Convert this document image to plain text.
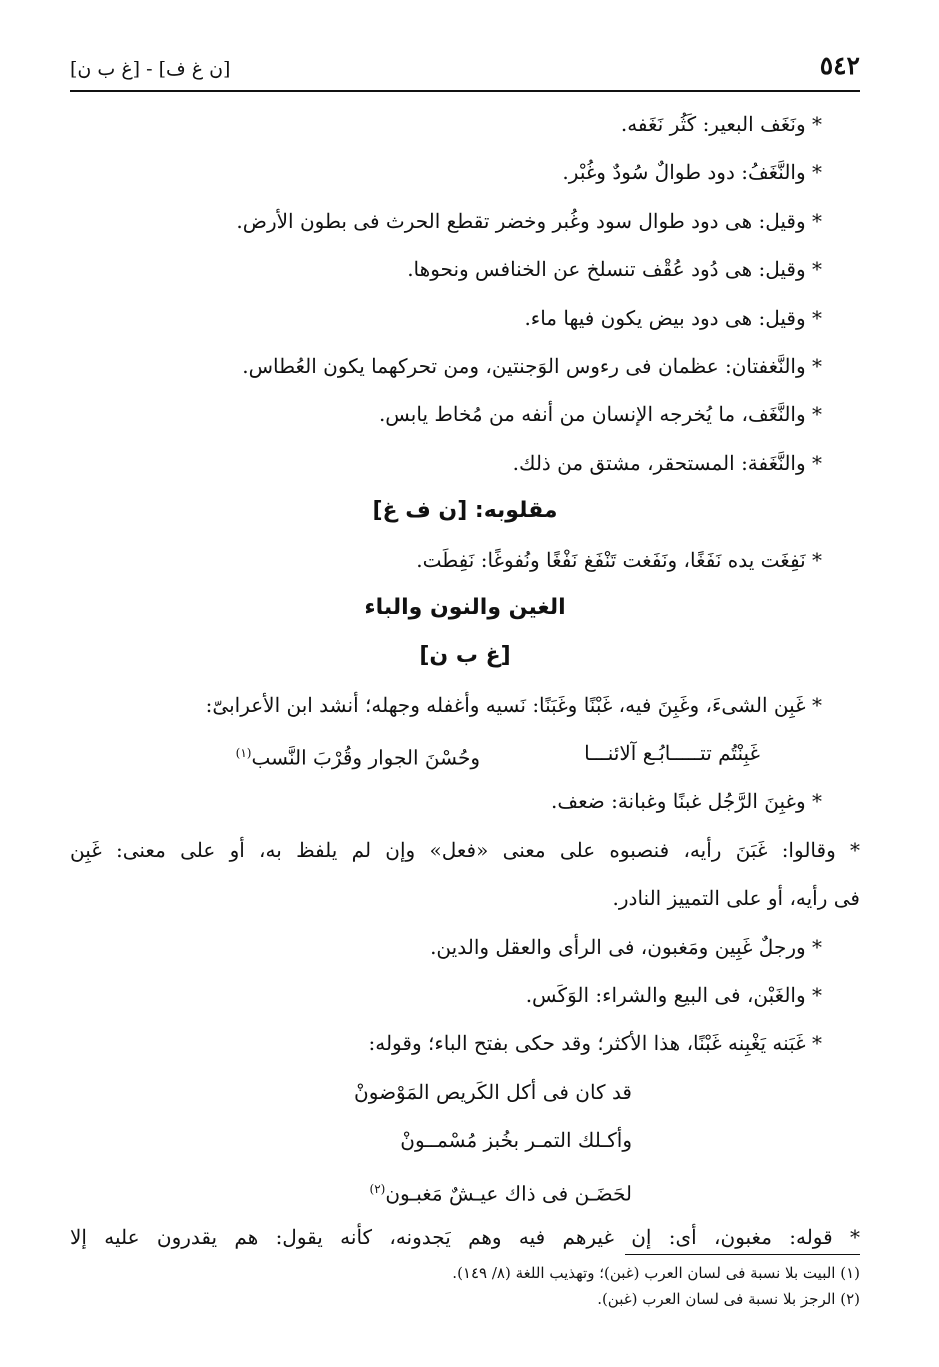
٥٤٢
[ن غ ف] - [غ ب ن]
* ونَغَف البعير: كَثُر نَغَفه.
* والنَّغَفُ: دود طوالٌ سُودٌ وغُبْر.
* وقيل: هى دود طوال سود وغُبر وخضر تقطع الحرث فى بطون الأرض.
* وقيل: هى دُود عُقْف تنسلخ عن الخنافس ونحوها.
* وقيل: هى دود بيض يكون فيها ماء.
* والنَّغفتان: عظمان فى رءوس الوَجنتين، ومن تحركهما يكون العُطاس.
* والنَّغَف، ما يُخرجه الإنسان من أنفه من مُخاط يابس.
* والنَّغَفة: المستحقر، مشتق من ذلك.
مقلوبه: [ن ف غ]
* نَفِغَت يده نَفَغًا، ونَفَغت تَنْفَغ نَفْغًا ونُفوغًا: نَفِطَت.
الغين والنون والباء
[غ ب ن]
* غَبِن الشىءَ، وغَبِنَ فيه، غَبْنًا وغَبَنًا: نَسيه وأغفله وجهله؛ أنشد ابن الأعرابىّ:
غَبِنْتُم تتـــــابُـع آلائنـــا
وحُسْنَ الجوار وقُرْبَ النَّسب$^{(١)}$
* وغبِنَ الرَّجُل غبنًا وغبانة: ضعف.
* وقالوا: غَبَنَ رأيه، فنصبوه على معنى «فعل» وإن لم يلفظ به، أو على معنى: غَبِن
فى رأيه، أو على التمييز النادر.
* ورجلٌ غَبِين ومَغبون، فى الرأى والعقل والدين.
* والغَبْن، فى البيع والشراء: الوَكَس.
* غَبَنه يَغْبِنه غَبْنًا، هذا الأكثر؛ وقد حكى بفتح الباء؛ وقوله:
قد كان فى أكل الكَريص المَوْضونْ
وأكـلك التمـر بخُبز مُسْمــونْ
لحَضَـن فى ذاك عيـشٌ مَغبـون$^{(٢)}$
* قوله: مغبون، أى: إن غيرهم فيه وهم يَجدونه، كأنه يقول: هم يقدرون عليه إلا
(١) البيت بلا نسبة فى لسان العرب (غبن)؛ وتهذيب اللغة (٨/ ١٤٩).
(٢) الرجز بلا نسبة فى لسان العرب (غبن).
